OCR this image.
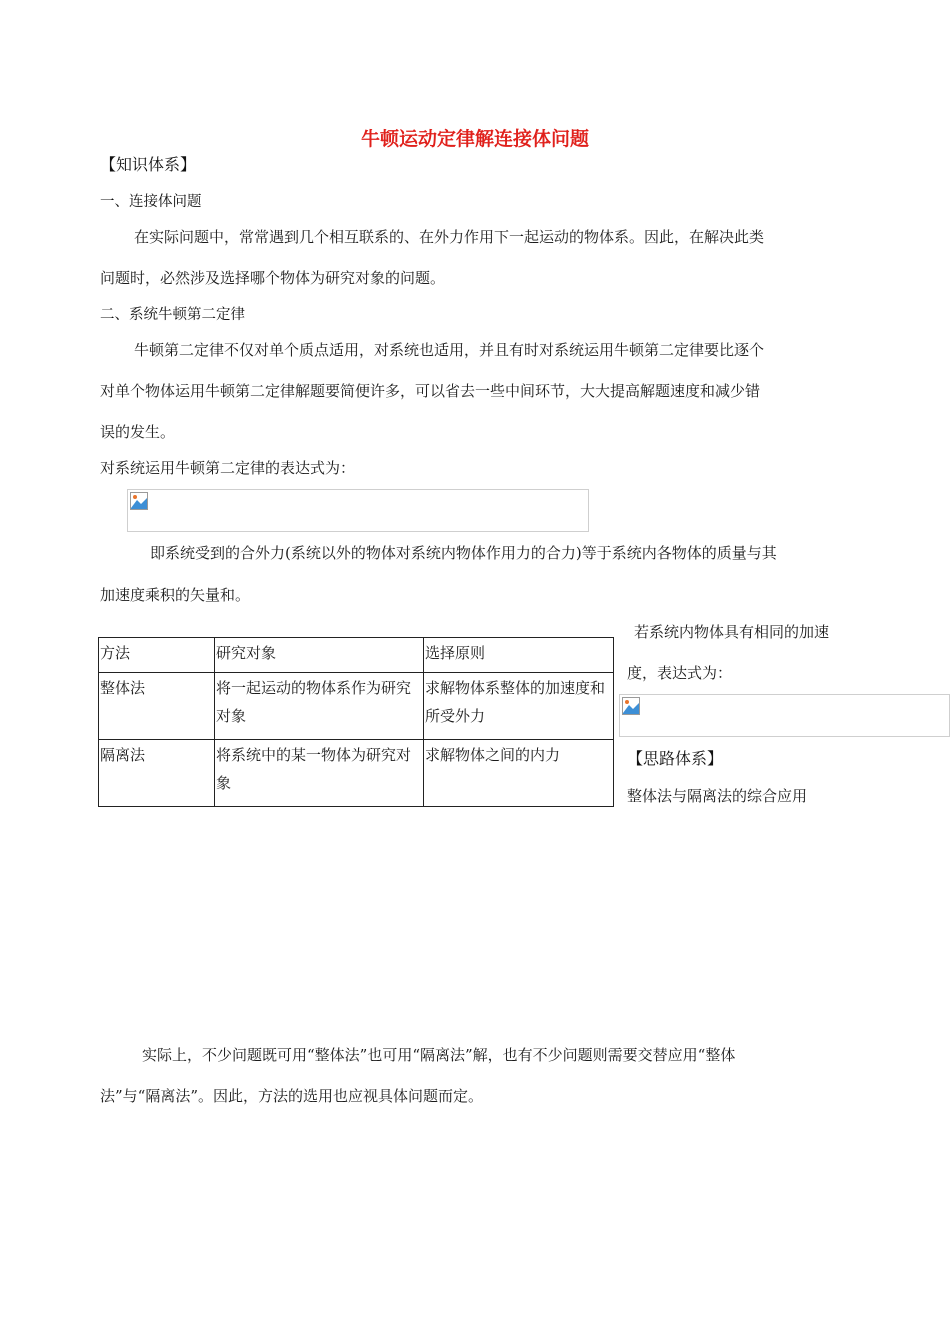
牛顿运动定律解连接体问题
【知识体系】
一、连接体问题
在实际问题中，常常遇到几个相互联系的、在外力作用下一起运动的物体系。因此，在解决此类
问题时，必然涉及选择哪个物体为研究对象的问题。
二、系统牛顿第二定律
牛顿第二定律不仅对单个质点适用，对系统也适用，并且有时对系统运用牛顿第二定律要比逐个
对单个物体运用牛顿第二定律解题要简便许多，可以省去一些中间环节，大大提高解题速度和减少错
误的发生。
对系统运用牛顿第二定律的表达式为：
即系统受到的合外力(系统以外的物体对系统内物体作用力的合力)等于系统内各物体的质量与其
加速度乘积的矢量和。
方法	研究对象	选择原则
整体法	将一起运动的物体系作为研究对象	求解物体系整体的加速度和所受外力
隔离法	将系统中的某一物体为研究对象	求解物体之间的内力
若系统内物体具有相同的加速
度，表达式为：
【思路体系】
整体法与隔离法的综合应用
实际上，不少问题既可用“整体法”也可用“隔离法”解，也有不少问题则需要交替应用“整体
法”与“隔离法”。因此，方法的选用也应视具体问题而定。
